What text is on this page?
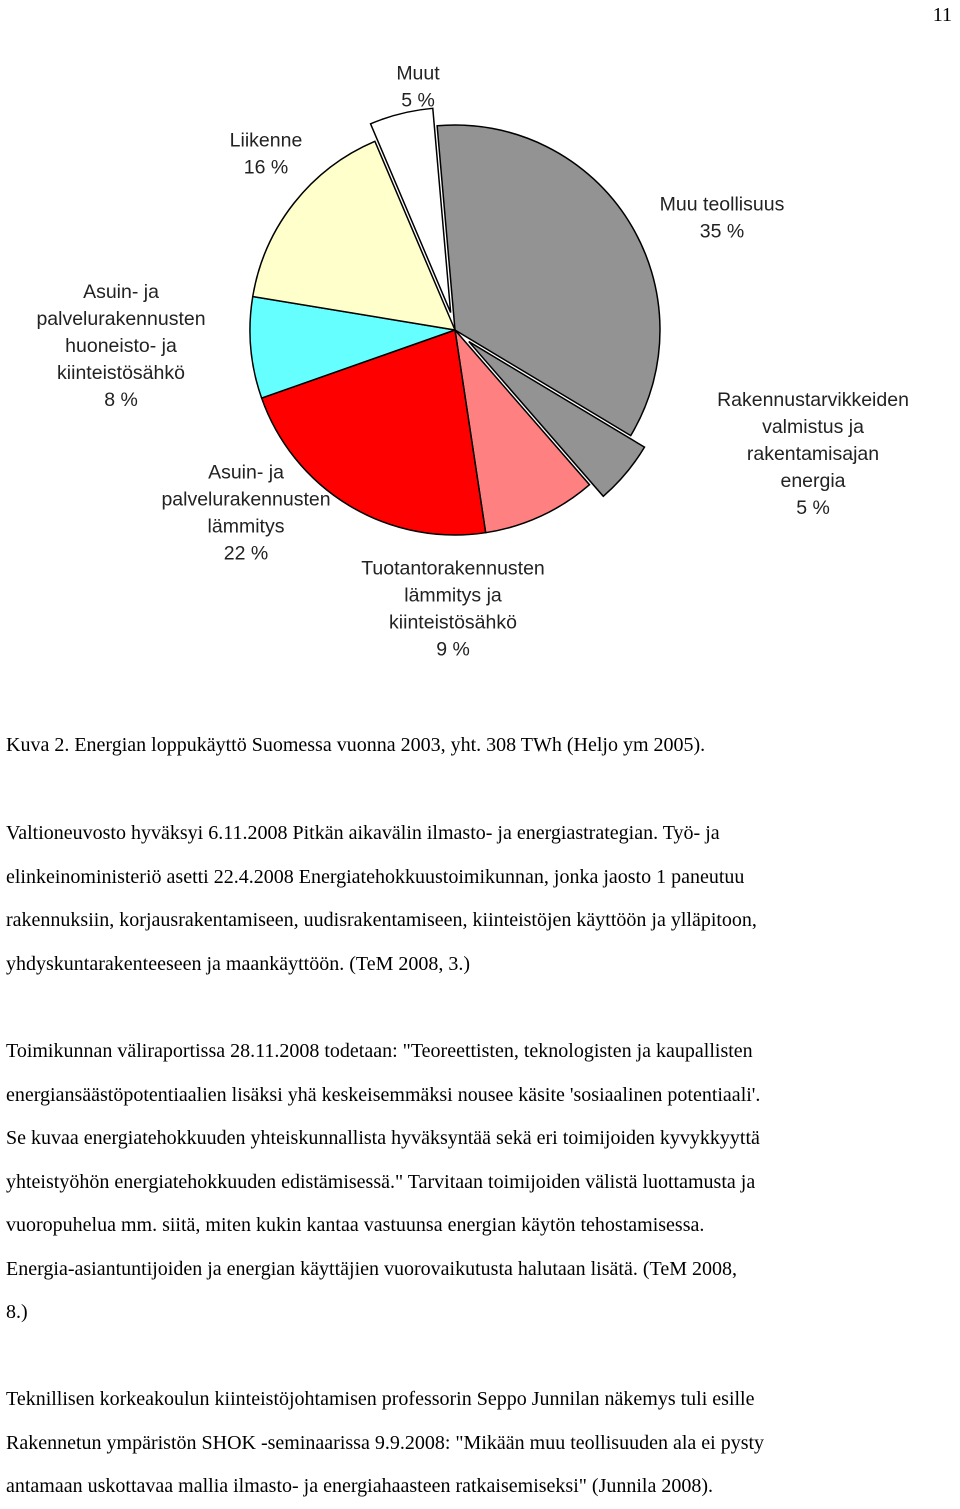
11
Muu teollisuus 35 %
Rakennustarvikkeiden valmistus ja rakentamisajan energia 5 %
Tuotantorakennusten lämmitys ja kiinteistösähkö 9 %
Asuin- ja palvelurakennusten lämmitys 22 %
Asuin- ja palvelurakennusten huoneisto- ja kiinteistösähkö 8 %
Liikenne 16 %
Muut 5 %
Kuva 2. Energian loppukäyttö Suomessa vuonna 2003, yht. 308 TWh (Heljo ym 2005).

Valtioneuvosto hyväksyi 6.11.2008 Pitkän aikavälin ilmasto- ja energiastrategian. Työ- ja
elinkeinoministeriö asetti 22.4.2008 Energiatehokkuustoimikunnan, jonka jaosto 1 paneutuu
rakennuksiin, korjausrakentamiseen, uudisrakentamiseen, kiinteistöjen käyttöön ja ylläpitoon,
yhdyskuntarakenteeseen ja maankäyttöön. (TeM 2008, 3.)

Toimikunnan väliraportissa 28.11.2008 todetaan: "Teoreettisten, teknologisten ja kaupallisten
energiansäästöpotentiaalien lisäksi yhä keskeisemmäksi nousee käsite 'sosiaalinen potentiaali'.
Se kuvaa energiatehokkuuden yhteiskunnallista hyväksyntää sekä eri toimijoiden kyvykkyyttä
yhteistyöhön energiatehokkuuden edistämisessä." Tarvitaan toimijoiden välistä luottamusta ja
vuoropuhelua mm. siitä, miten kukin kantaa vastuunsa energian käytön tehostamisessa.
Energia-asiantuntijoiden ja energian käyttäjien vuorovaikutusta halutaan lisätä. (TeM 2008,
8.)

Teknillisen korkeakoulun kiinteistöjohtamisen professorin Seppo Junnilan näkemys tuli esille
Rakennetun ympäristön SHOK -seminaarissa 9.9.2008: "Mikään muu teollisuuden ala ei pysty
antamaan uskottavaa mallia ilmasto- ja energiahaasteen ratkaisemiseksi" (Junnila 2008).
